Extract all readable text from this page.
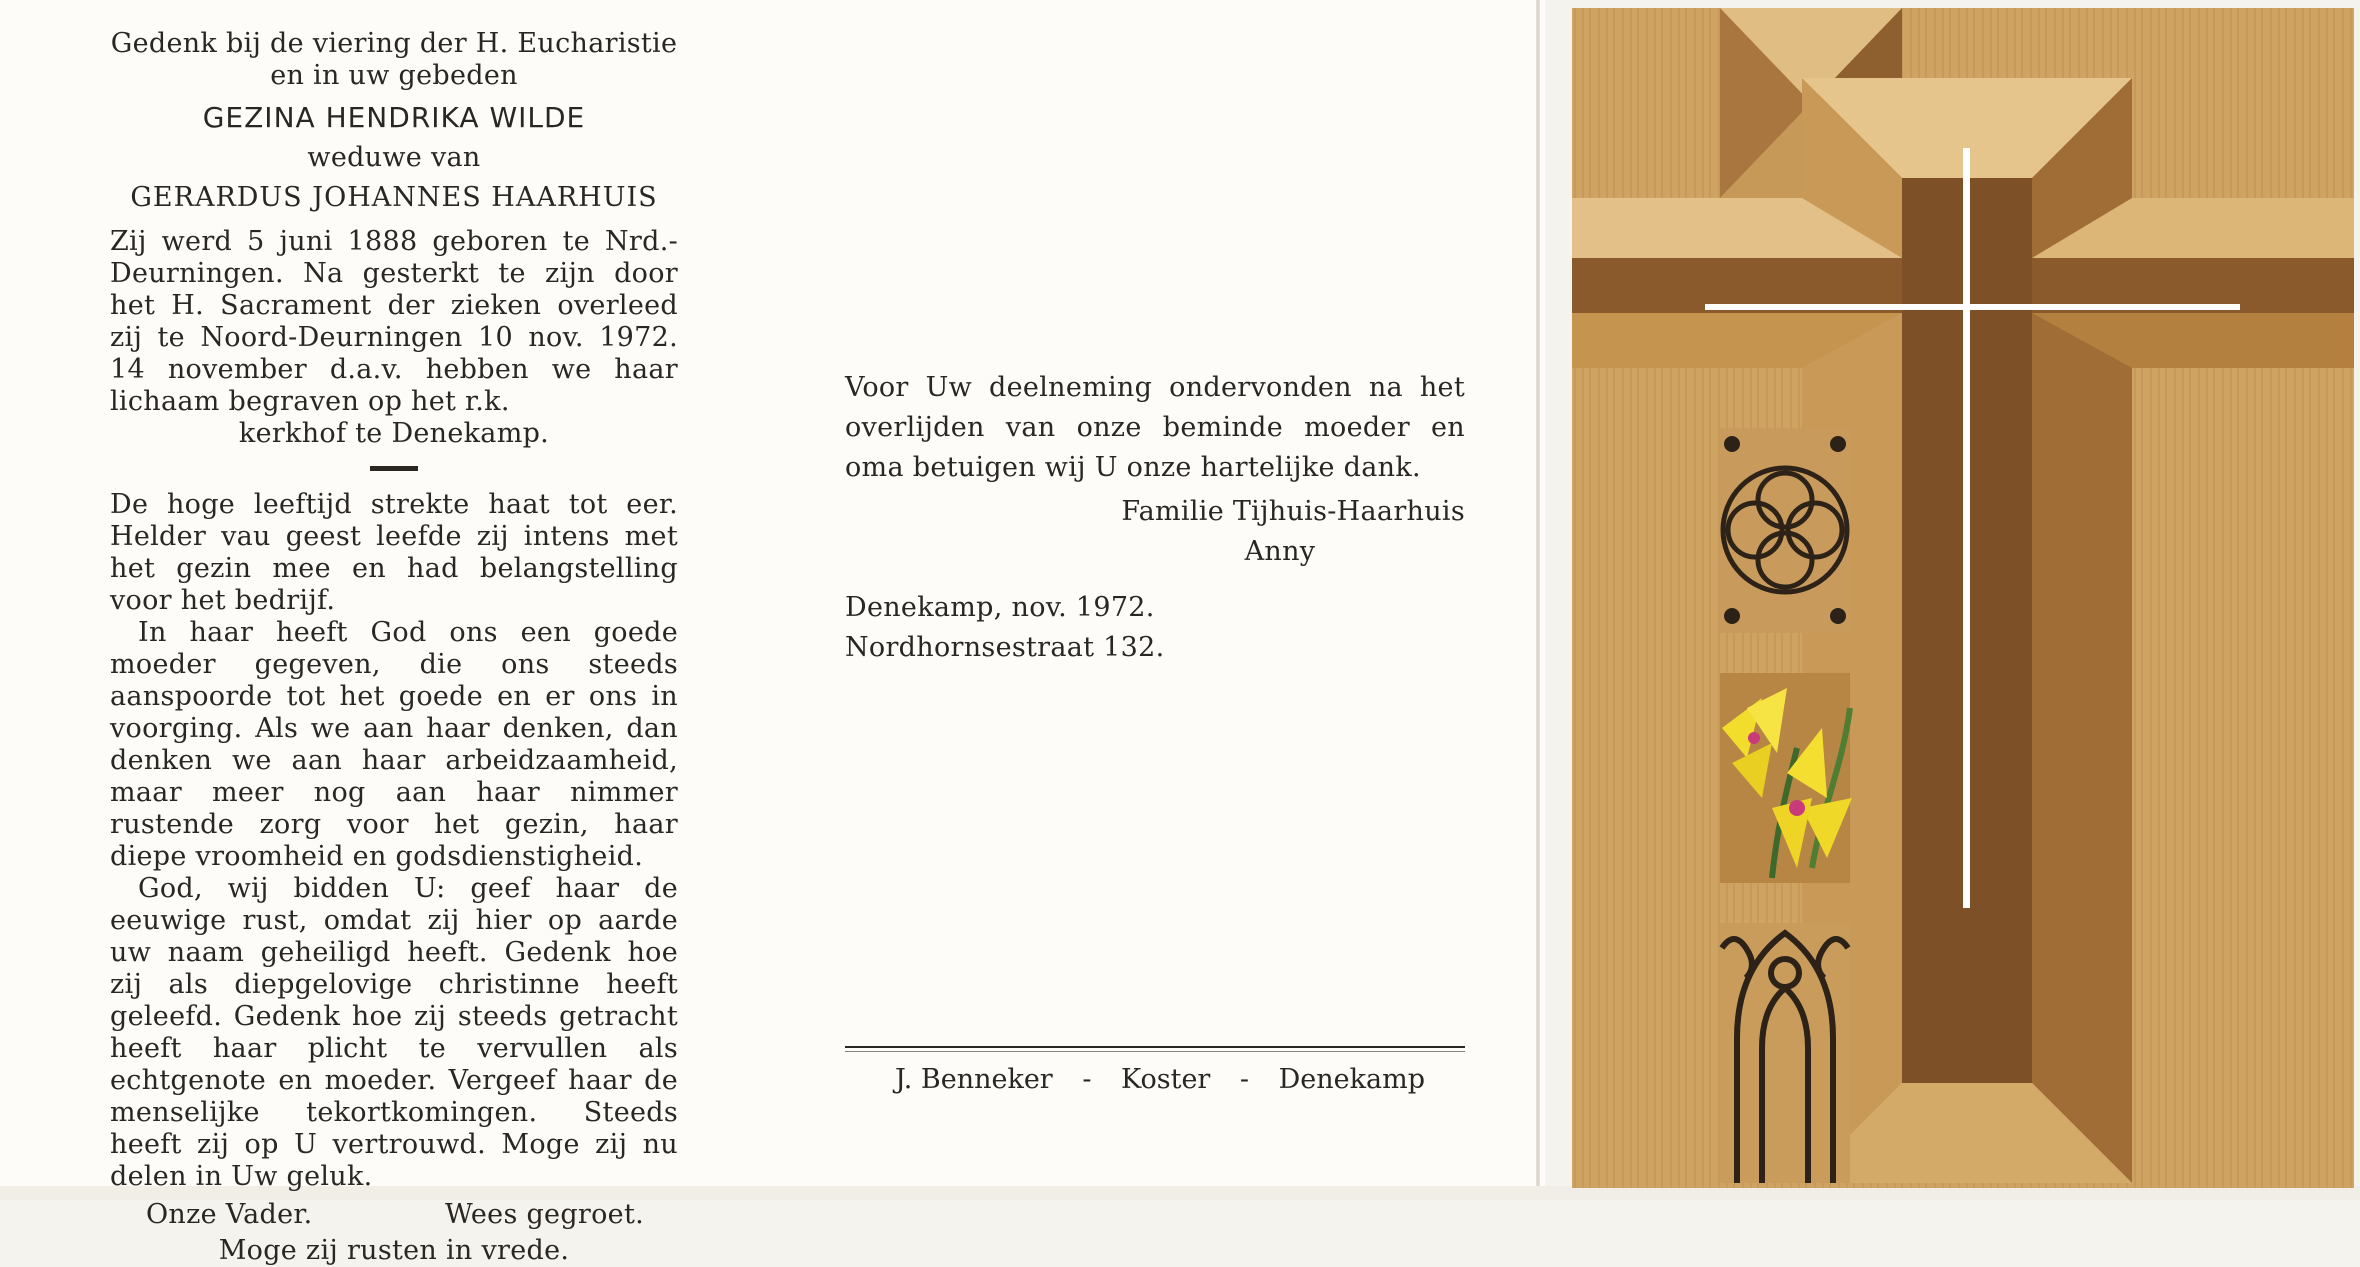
Gedenk bij de viering der H. Eucharistie

en in uw gebeden

GEZINA HENDRIKA WILDE
weduwe van
GERARDUS JOHANNES HAARHUIS

Zij werd 5 juni 1888 geboren te Nrd.-Deurningen. Na gesterkt te zijn door het H. Sacrament der zieken overleed zij te Noord-Deurningen 10 nov. 1972. 14 november d.a.v. hebben we haar lichaam begraven op het r.k.

kerkhof te Denekamp.

De hoge leeftijd strekte haat tot eer. Helder vau geest leefde zij intens met het gezin mee en had belangstelling voor het bedrijf.

In haar heeft God ons een goede moeder gegeven, die ons steeds aanspoorde tot het goede en er ons in voorging. Als we aan haar denken, dan denken we aan haar arbeidzaamheid, maar meer nog aan haar nimmer rustende zorg voor het gezin, haar diepe vroomheid en godsdienstigheid.

God, wij bidden U: geef haar de eeuwige rust, omdat zij hier op aarde uw naam geheiligd heeft. Gedenk hoe zij als diepgelovige christinne heeft geleefd. Gedenk hoe zij steeds getracht heeft haar plicht te vervullen als echtgenote en moeder. Vergeef haar de menselijke tekortkomingen. Steeds heeft zij op U vertrouwd. Moge zij nu delen in Uw geluk.

Onze Vader.	Wees gegroet.
Moge zij rusten in vrede.

Voor Uw deelneming ondervonden na het overlijden van onze beminde moeder en oma betuigen wij U onze hartelijke dank.

Familie Tijhuis-Haarhuis
Anny
Denekamp, nov. 1972.
Nordhornsestraat 132.
J. Benneker - Koster - Denekamp
